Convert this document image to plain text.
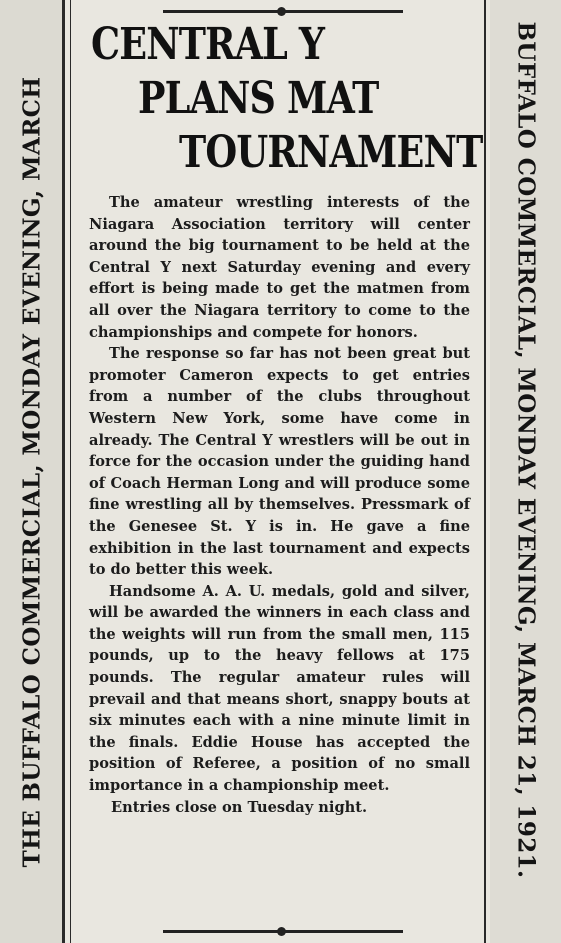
THE BUFFALO COMMERCIAL, MONDAY EVENING, MARCH	BUFFALO COMMERCIAL, MONDAY EVENING, MARCH 21, 1921.
CENTRAL Y
PLANS MAT
TOURNAMENT

The amateur wrestling interests of the Niagara Association territory will center around the big tournament to be held at the Central Y next Saturday evening and every effort is being made to get the matmen from all over the Niagara territory to come to the championships and compete for honors.

The response so far has not been great but promoter Cameron expects to get entries from a number of the clubs throughout Western New York, some have come in already. The Central Y wrestlers will be out in force for the occasion under the guiding hand of Coach Herman Long and will produce some fine wrestling all by themselves. Pressmark of the Genesee St. Y is in. He gave a fine exhibition in the last tournament and expects to do better this week.

Handsome A. A. U. medals, gold and silver, will be awarded the winners in each class and the weights will run from the small men, 115 pounds, up to the heavy fellows at 175 pounds. The regular amateur rules will prevail and that means short, snappy bouts at six minutes each with a nine minute limit in the finals. Eddie House has accepted the position of Referee, a position of no small importance in a championship meet.

Entries close on Tuesday night.
